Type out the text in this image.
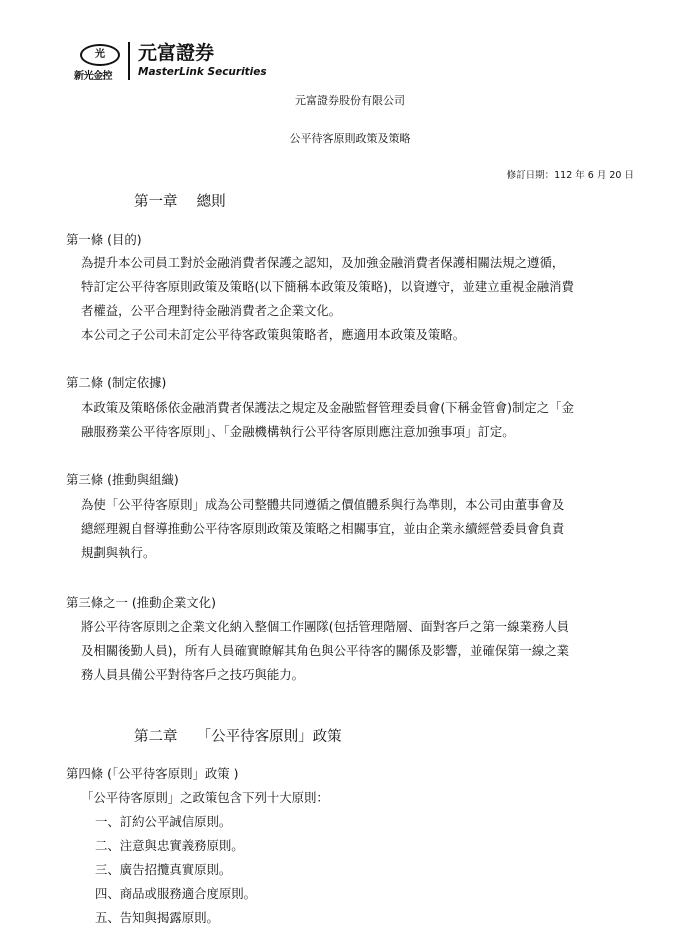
光
新光金控
元富證券
MasterLink Securities
元富證券股份有限公司
公平待客原則政策及策略
修訂日期：112 年 6 月 20 日
第一章　 總則
第一條 (目的)
為提升本公司員工對於金融消費者保護之認知，及加強金融消費者保護相關法規之遵循，
特訂定公平待客原則政策及策略(以下簡稱本政策及策略)，以資遵守，並建立重視金融消費
者權益，公平合理對待金融消費者之企業文化。
本公司之子公司未訂定公平待客政策與策略者，應適用本政策及策略。
第二條 (制定依據)
本政策及策略係依金融消費者保護法之規定及金融監督管理委員會(下稱金管會)制定之「金
融服務業公平待客原則」、「金融機構執行公平待客原則應注意加強事項」訂定。
第三條 (推動與組織)
為使「公平待客原則」成為公司整體共同遵循之價值體系與行為準則，本公司由董事會及
總經理親自督導推動公平待客原則政策及策略之相關事宜，並由企業永續經營委員會負責
規劃與執行。
第三條之一 (推動企業文化)
將公平待客原則之企業文化納入整個工作團隊(包括管理階層、面對客戶之第一線業務人員
及相關後勤人員)，所有人員確實瞭解其角色與公平待客的關係及影響，並確保第一線之業
務人員具備公平對待客戶之技巧與能力。
第二章　 「公平待客原則」政策
第四條 (「公平待客原則」政策 )
「公平待客原則」之政策包含下列十大原則：
一、訂約公平誠信原則。
二、注意與忠實義務原則。
三、廣告招攬真實原則。
四、商品或服務適合度原則。
五、告知與揭露原則。
